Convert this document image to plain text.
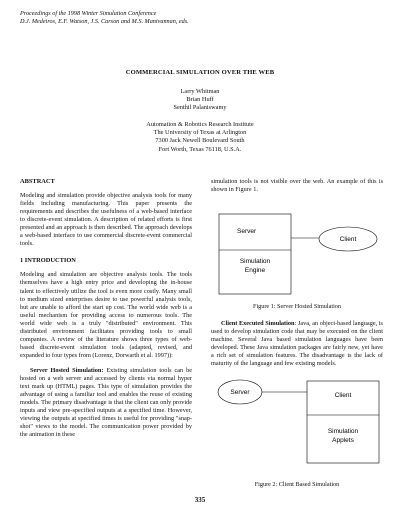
Proceedings of the 1998 Winter Simulation Conference
D.J. Medeiros, E.F. Watson, J.S. Carson and M.S. Manivannan, eds.
COMMERCIAL SIMULATION OVER THE WEB
Larry Whitman
Brian Huff
Senthil Palaniswamy
Automation & Robotics Research Institute
The University of Texas at Arlington
7300 Jack Newell Boulevard South
Fort Worth, Texas 76118, U.S.A.
ABSTRACT
Modeling and simulation provide objective analysis tools for many fields including manufacturing. This paper presents the requirements and describes the usefulness of a web-based interface to discrete-event simulation. A description of related efforts is first presented and an approach is then described. The approach develops a web-based interface to use commercial discrete-event commercial tools.
1 INTRODUCTION
Modeling and simulation are objective analysis tools. The tools themselves have a high entry price and developing the in-house talent to effectively utilize the tool is even more costly. Many small to medium sized enterprises desire to use powerful analysis tools, but are unable to afford the start up cost. The world wide web is a useful mechanism for providing access to numerous tools. The world wide web is a truly "distributed" environment. This distributed environment facilitates providing tools to small companies. A review of the literature shows three types of web-based discrete-event simulation tools (adapted, revised, and expanded to four types from (Lorenz, Dorwarth et al. 1997)):
Server Hosted Simulation: Existing simulation tools can be hosted on a web server and accessed by clients via normal hyper text mark up (HTML) pages. This type of simulation provides the advantage of using a familiar tool and enables the reuse of existing models. The primary disadvantage is that the client can only provide inputs and view pre-specified outputs at a specified time. However, viewing the outputs at specified times is useful for providing "snap-shot" views to the model. The communication power provided by the animation in these
simulation tools is not visible over the web. An example of this is shown in Figure 1.
Server
Simulation
Engine
Client
Figure 1: Server Hosted Simulation
Client Executed Simulation: Java, an object-based language, is used to develop simulation code that may be executed on the client machine. Several Java based simulation languages have been developed. These Java simulation packages are fairly new, yet have a rich set of simulation features. The disadvantage is the lack of maturity of the language and few existing models.
Server	Client
Simulation
Applets
Figure 2: Client Based Simulation
335
